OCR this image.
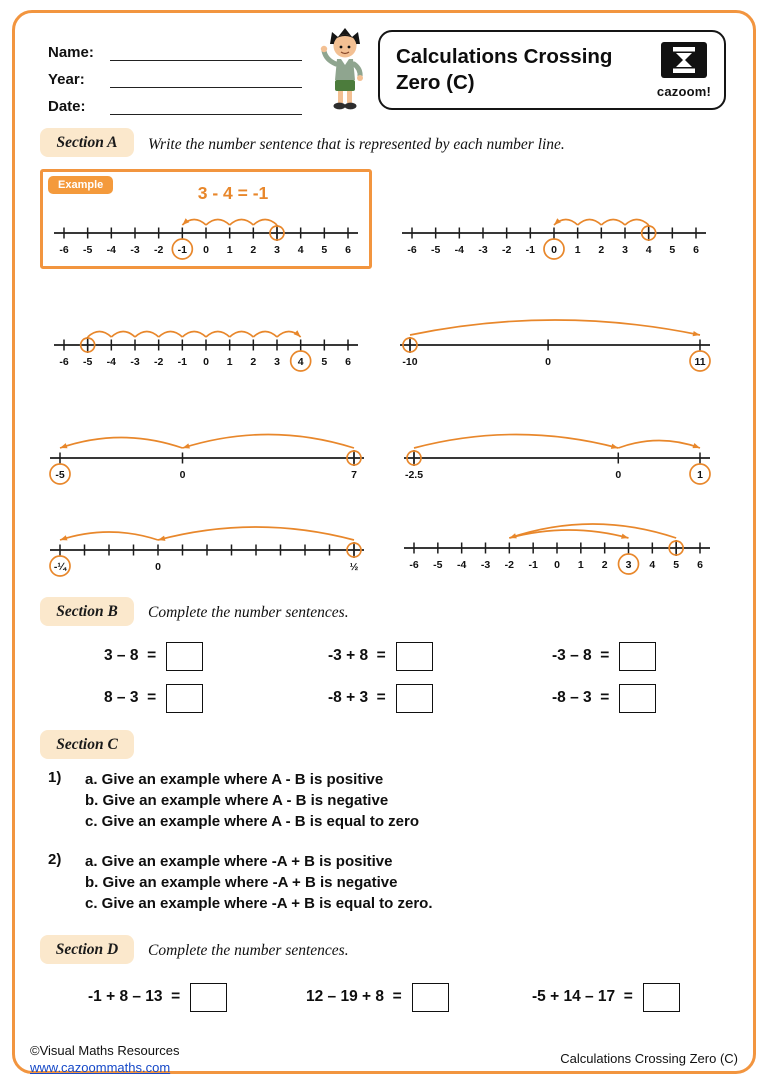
Name:
Year:
Date:
Calculations Crossing
Zero (C)	cazoom!
Section A	Write the number sentence that is represented by each number line.
Example	3 - 4 = -1
-6 -5 -4 -3 -2 -1 0 1 2 3 4 5 6	-6 -5 -4 -3 -2 -1 0 1 2 3 4 5 6
-6 -5 -4 -3 -2 -1 0 1 2 3 4 5 6	-10	0	11
-5	0	7	-2.5	0	1
-¼	0	½	-6 -5 -4 -3 -2 -1 0 1 2 3 4 5 6
Section B	Complete the number sentences.
3 – 8  =	-3 + 8  =	-3 – 8  =
8 – 3  =	-8 + 3  =	-8 – 3  =
Section C
1) a. Give an example where A - B is positive
b. Give an example where A - B is negative
c. Give an example where A - B is equal to zero
2) a. Give an example where -A + B is positive
b. Give an example where -A + B is negative
c. Give an example where -A + B is equal to zero.
Section D	Complete the number sentences.
-1 + 8 – 13  =	12 – 19 + 8  =	-5 + 14 – 17  =
©Visual Maths Resources
www.cazoommaths.com
Calculations Crossing Zero (C)
